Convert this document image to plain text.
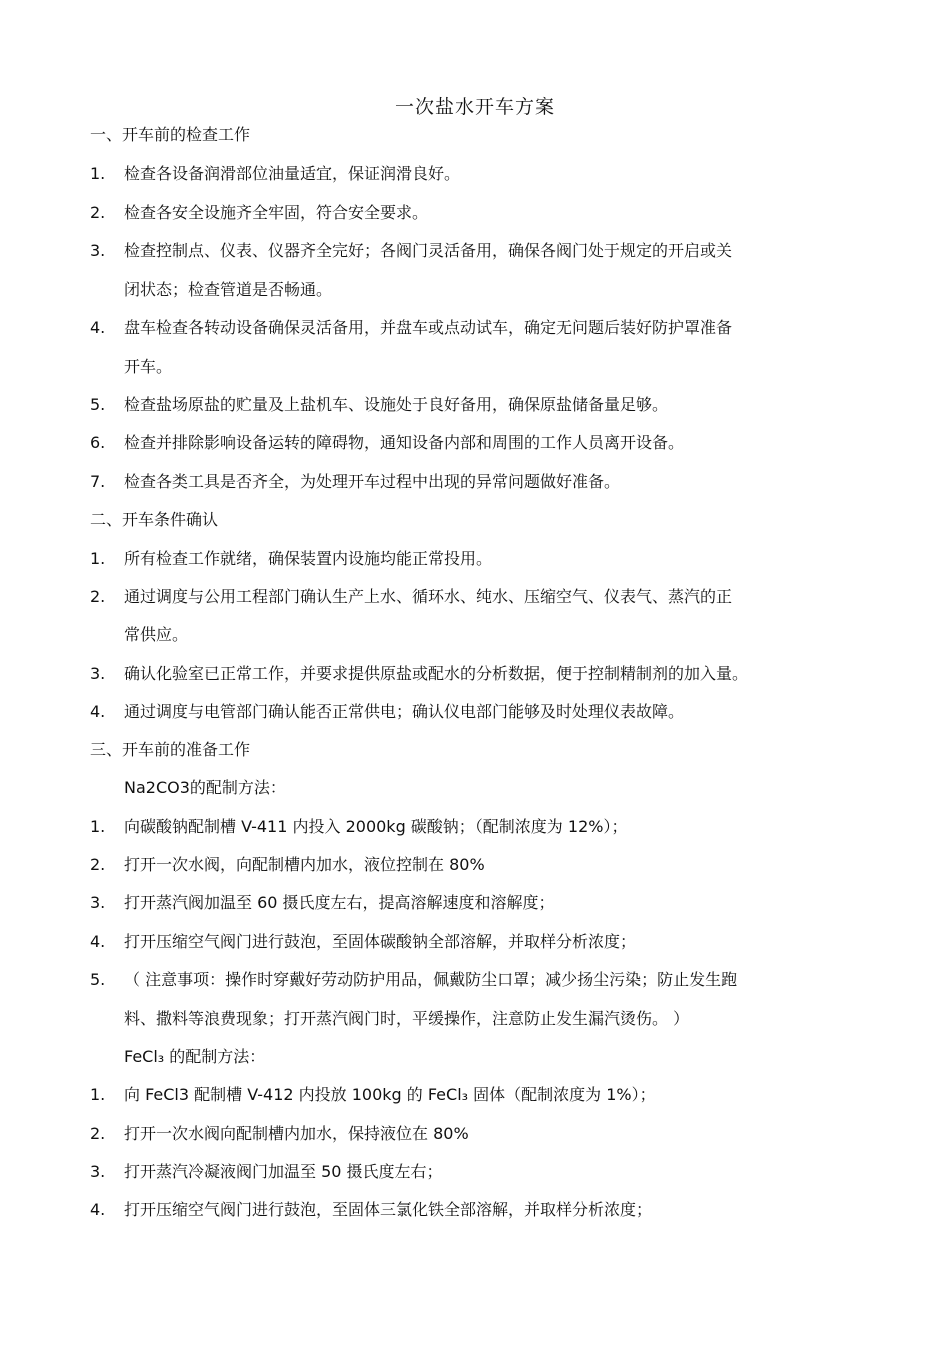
一次盐水开车方案
一、开车前的检查工作
1.	检查各设备润滑部位油量适宜，保证润滑良好。
2.	检查各安全设施齐全牢固，符合安全要求。
3.	检查控制点、仪表、仪器齐全完好；各阀门灵活备用，确保各阀门处于规定的开启或关
闭状态；检查管道是否畅通。
4.	盘车检查各转动设备确保灵活备用，并盘车或点动试车，确定无问题后装好防护罩准备
开车。
5.	检查盐场原盐的贮量及上盐机车、设施处于良好备用，确保原盐储备量足够。
6.	检查并排除影响设备运转的障碍物，通知设备内部和周围的工作人员离开设备。
7.	检查各类工具是否齐全，为处理开车过程中出现的异常问题做好准备。
二、开车条件确认
1.	所有检查工作就绪，确保装置内设施均能正常投用。
2.	通过调度与公用工程部门确认生产上水、循环水、纯水、压缩空气、仪表气、蒸汽的正
常供应。
3.	确认化验室已正常工作，并要求提供原盐或配水的分析数据，便于控制精制剂的加入量。
4.	通过调度与电管部门确认能否正常供电；确认仪电部门能够及时处理仪表故障。
三、开车前的准备工作
Na2CO3的配制方法：
1.	向碳酸钠配制槽 V-411 内投入 2000kg 碳酸钠；（配制浓度为 12%）；
2.	打开一次水阀，向配制槽内加水，液位控制在 80%
3.	打开蒸汽阀加温至 60 摄氏度左右，提高溶解速度和溶解度；
4.	打开压缩空气阀门进行鼓泡，至固体碳酸钠全部溶解，并取样分析浓度；
5.	（ 注意事项：操作时穿戴好劳动防护用品，佩戴防尘口罩；减少扬尘污染；防止发生跑
料、撒料等浪费现象；打开蒸汽阀门时，平缓操作，注意防止发生漏汽烫伤。 ）
FeCl₃ 的配制方法：
1.	向 FeCl3 配制槽 V-412 内投放 100kg 的 FeCl₃ 固体（配制浓度为 1%）；
2.	打开一次水阀向配制槽内加水，保持液位在 80%
3.	打开蒸汽冷凝液阀门加温至 50 摄氏度左右；
4.	打开压缩空气阀门进行鼓泡，至固体三氯化铁全部溶解，并取样分析浓度；
